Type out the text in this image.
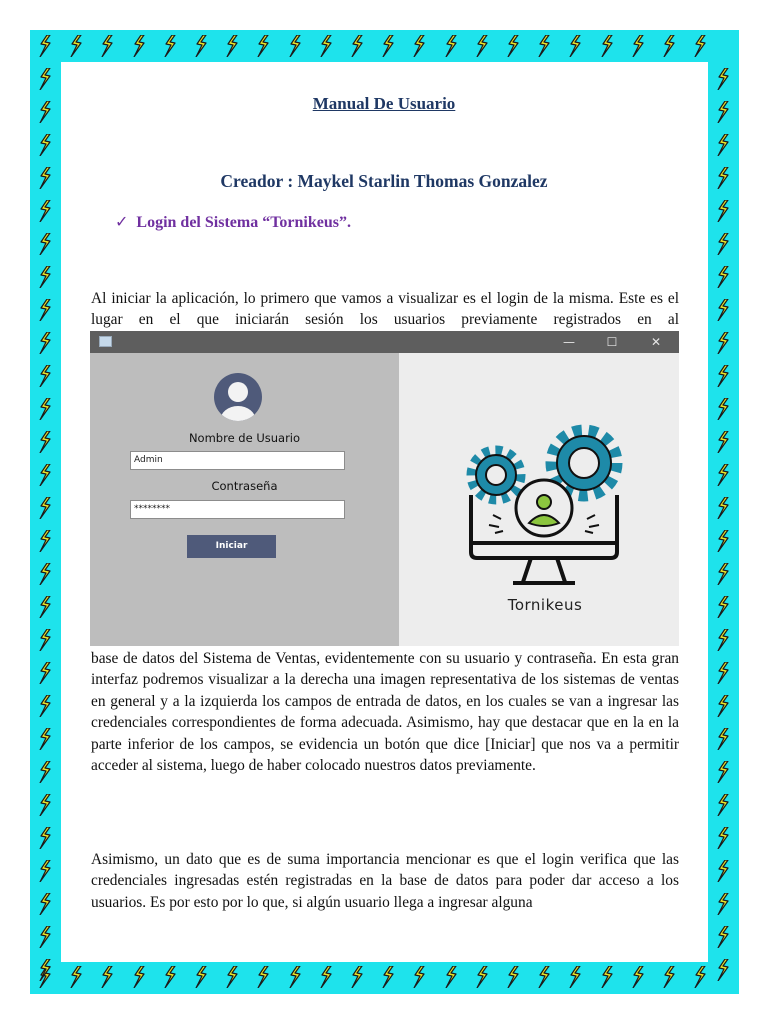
Manual De Usuario
Creador : Maykel Starlin Thomas Gonzalez
✓ Login del Sistema “Tornikeus”.

Al iniciar la aplicación, lo primero que vamos a visualizar es el login de la misma. Este es el lugar en el que iniciarán sesión los usuarios previamente registrados en al

—	☐	✕
Nombre de Usuario
Admin
Contraseña
********
Iniciar
Tornikeus

base de datos del Sistema de Ventas, evidentemente con su usuario y contraseña. En esta gran interfaz podremos visualizar a la derecha una imagen representativa de los sistemas de ventas en general y a la izquierda los campos de entrada de datos, en los cuales se van a ingresar las credenciales correspondientes de forma adecuada. Asimismo, hay que destacar que en la en la parte inferior de los campos, se evidencia un botón que dice [Iniciar] que nos va a permitir acceder al sistema, luego de haber colocado nuestros datos previamente.

Asimismo, un dato que es de suma importancia mencionar es que el login verifica que las credenciales ingresadas estén registradas en la base de datos para poder dar acceso a los usuarios. Es por esto por lo que, si algún usuario llega a ingresar alguna
